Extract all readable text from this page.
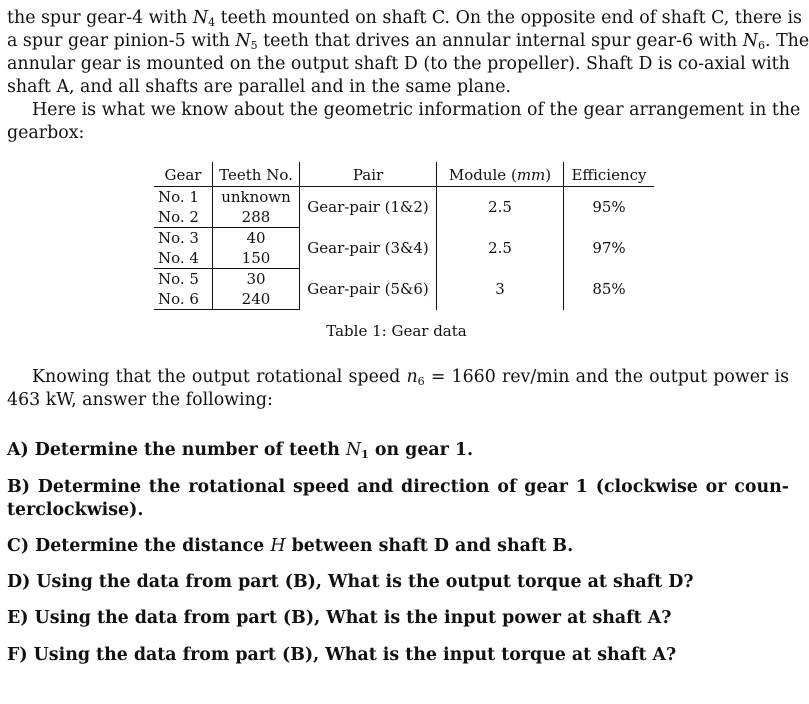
the spur gear-4 with $N_4$ teeth mounted on shaft C. On the opposite end of shaft C, there is
a spur gear pinion-5 with $N_5$ teeth that drives an annular internal spur gear-6 with $N_6$. The
annular gear is mounted on the output shaft D (to the propeller). Shaft D is co-axial with
shaft A, and all shafts are parallel and in the same plane.
Here is what we know about the geometric information of the gear arrangement in the
gearbox:
Gear	Teeth No.	Pair	Module (mm)	Efficiency
No. 1	unknown	Gear-pair (1&2)	2.5	95%
No. 2	288			
No. 3	40	Gear-pair (3&4)	2.5	97%
No. 4	150			
No. 5	30	Gear-pair (5&6)	3	85%
No. 6	240			
Table 1: Gear data
Knowing that the output rotational speed $n_6 = 1660$ rev/min and the output power is
463 kW, answer the following:
A) Determine the number of teeth $N_1$ on gear 1.
B) Determine the rotational speed and direction of gear 1 (clockwise or coun-
terclockwise).
C) Determine the distance H between shaft D and shaft B.
D) Using the data from part (B), What is the output torque at shaft D?
E) Using the data from part (B), What is the input power at shaft A?
F) Using the data from part (B), What is the input torque at shaft A?
